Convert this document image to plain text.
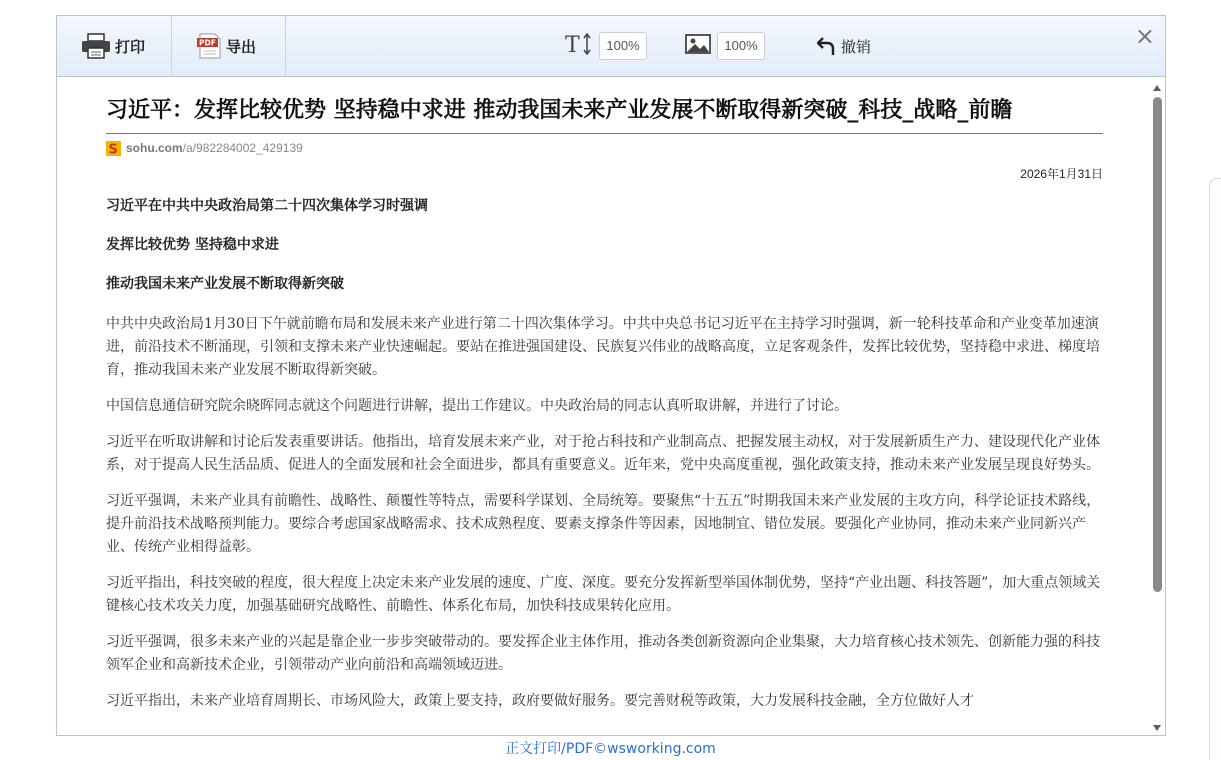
打印	PDF 导出	T	100%	100%	撤销	×
习近平：发挥比较优势 坚持稳中求进 推动我国未来产业发展不断取得新突破_科技_战略_前瞻
S sohu.com /a/982284002_429139
2026年1月31日
习近平在中共中央政治局第二十四次集体学习时强调
发挥比较优势 坚持稳中求进
推动我国未来产业发展不断取得新突破
中共中央政治局1月30日下午就前瞻布局和发展未来产业进行第二十四次集体学习。中共中央总书记习近平在主持学习时强调，新一轮科技革命和产业变革加速演进，前沿技术不断涌现，引领和支撑未来产业快速崛起。要站在推进强国建设、民族复兴伟业的战略高度，立足客观条件，发挥比较优势，坚持稳中求进、梯度培育，推动我国未来产业发展不断取得新突破。
中国信息通信研究院余晓晖同志就这个问题进行讲解，提出工作建议。中央政治局的同志认真听取讲解，并进行了讨论。
习近平在听取讲解和讨论后发表重要讲话。他指出，培育发展未来产业，对于抢占科技和产业制高点、把握发展主动权，对于发展新质生产力、建设现代化产业体系，对于提高人民生活品质、促进人的全面发展和社会全面进步，都具有重要意义。近年来，党中央高度重视，强化政策支持，推动未来产业发展呈现良好势头。
习近平强调，未来产业具有前瞻性、战略性、颠覆性等特点，需要科学谋划、全局统筹。要聚焦“十五五”时期我国未来产业发展的主攻方向，科学论证技术路线，提升前沿技术战略预判能力。要综合考虑国家战略需求、技术成熟程度、要素支撑条件等因素，因地制宜、错位发展。要强化产业协同，推动未来产业同新兴产业、传统产业相得益彰。
习近平指出，科技突破的程度，很大程度上决定未来产业发展的速度、广度、深度。要充分发挥新型举国体制优势，坚持“产业出题、科技答题”，加大重点领域关键核心技术攻关力度，加强基础研究战略性、前瞻性、体系化布局，加快科技成果转化应用。
习近平强调，很多未来产业的兴起是靠企业一步步突破带动的。要发挥企业主体作用，推动各类创新资源向企业集聚，大力培育核心技术领先、创新能力强的科技领军企业和高新技术企业，引领带动产业向前沿和高端领域迈进。
习近平指出，未来产业培育周期长、市场风险大，政策上要支持，政府要做好服务。要完善财税等政策，大力发展科技金融，全方位做好人才
正文打印/PDF©wsworking.com
